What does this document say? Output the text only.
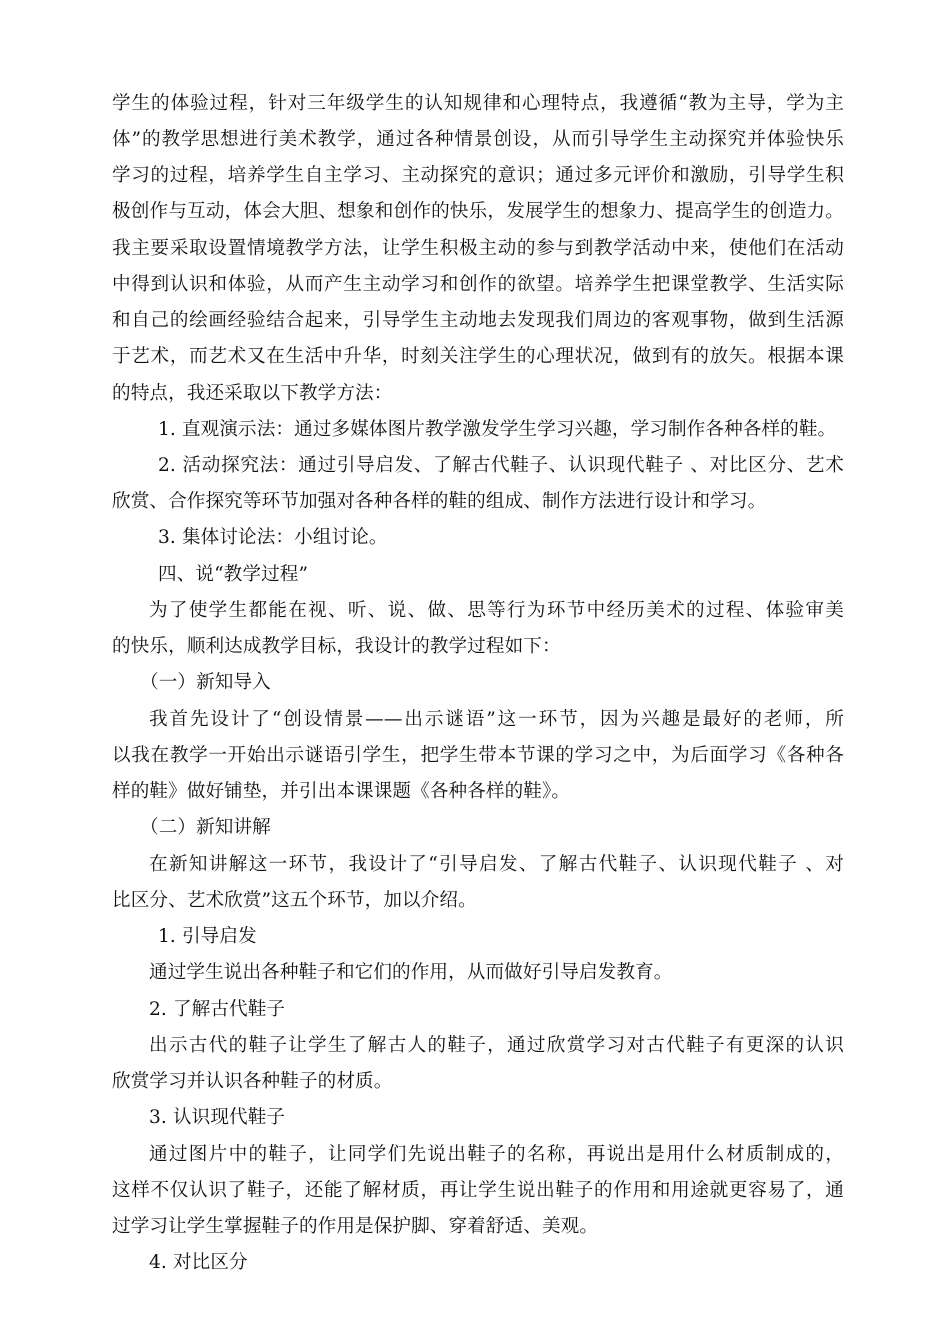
学生的体验过程，针对三年级学生的认知规律和心理特点，我遵循“教为主导，学为主
体”的教学思想进行美术教学，通过各种情景创设，从而引导学生主动探究并体验快乐
学习的过程，培养学生自主学习、主动探究的意识；通过多元评价和激励，引导学生积
极创作与互动，体会大胆、想象和创作的快乐，发展学生的想象力、提高学生的创造力。
我主要采取设置情境教学方法，让学生积极主动的参与到教学活动中来，使他们在活动
中得到认识和体验，从而产生主动学习和创作的欲望。培养学生把课堂教学、生活实际
和自己的绘画经验结合起来，引导学生主动地去发现我们周边的客观事物，做到生活源
于艺术，而艺术又在生活中升华，时刻关注学生的心理状况，做到有的放矢。根据本课
的特点，我还采取以下教学方法：
1. 直观演示法：通过多媒体图片教学激发学生学习兴趣，学习制作各种各样的鞋。
2. 活动探究法：通过引导启发、了解古代鞋子、认识现代鞋子 、对比区分、艺术
欣赏、合作探究等环节加强对各种各样的鞋的组成、制作方法进行设计和学习。
3. 集体讨论法：小组讨论。
四、说“教学过程”
为了使学生都能在视、听、说、做、思等行为环节中经历美术的过程、体验审美
的快乐，顺利达成教学目标，我设计的教学过程如下：
（一）新知导入
我首先设计了“创设情景——出示谜语”这一环节，因为兴趣是最好的老师，所
以我在教学一开始出示谜语引学生，把学生带本节课的学习之中，为后面学习《各种各
样的鞋》做好铺垫，并引出本课课题《各种各样的鞋》。
（二）新知讲解
在新知讲解这一环节，我设计了“引导启发、了解古代鞋子、认识现代鞋子 、对
比区分、艺术欣赏”这五个环节，加以介绍。
1. 引导启发
通过学生说出各种鞋子和它们的作用，从而做好引导启发教育。
2. 了解古代鞋子
出示古代的鞋子让学生了解古人的鞋子，通过欣赏学习对古代鞋子有更深的认识
欣赏学习并认识各种鞋子的材质。
3. 认识现代鞋子
通过图片中的鞋子，让同学们先说出鞋子的名称，再说出是用什么材质制成的，
这样不仅认识了鞋子，还能了解材质，再让学生说出鞋子的作用和用途就更容易了，通
过学习让学生掌握鞋子的作用是保护脚、穿着舒适、美观。
4. 对比区分
